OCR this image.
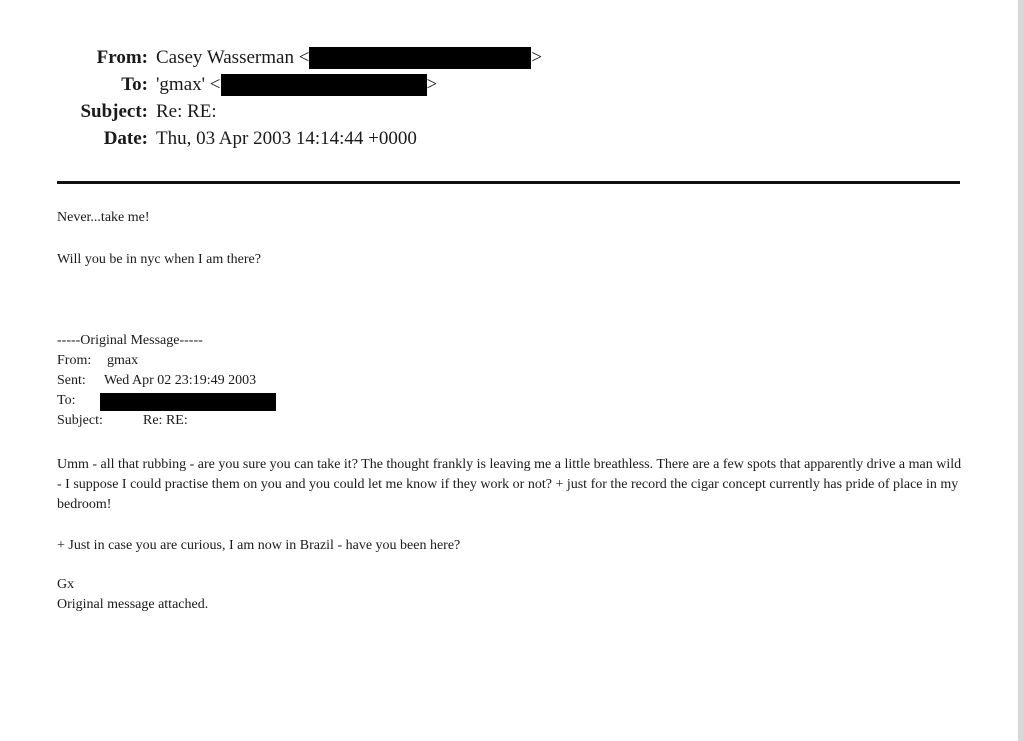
From: Casey Wasserman <	>
To: 'gmax' <	>
Subject: Re: RE:
Date: Thu, 03 Apr 2003 14:14:44 +0000
Never...take me!
Will you be in nyc when I am there?
-----Original Message-----
From: gmax
Sent: Wed Apr 02 23:19:49 2003
To:
Subject:	Re: RE:
Umm - all that rubbing - are you sure you can take it? The thought frankly is leaving me a little breathless. There are a few spots that apparently drive a man wild - I suppose I could practise them on you and you could let me know if they work or not? + just for the record the cigar concept currently has pride of place in my bedroom!
+ Just in case you are curious, I am now in Brazil - have you been here?
Gx
Original message attached.
